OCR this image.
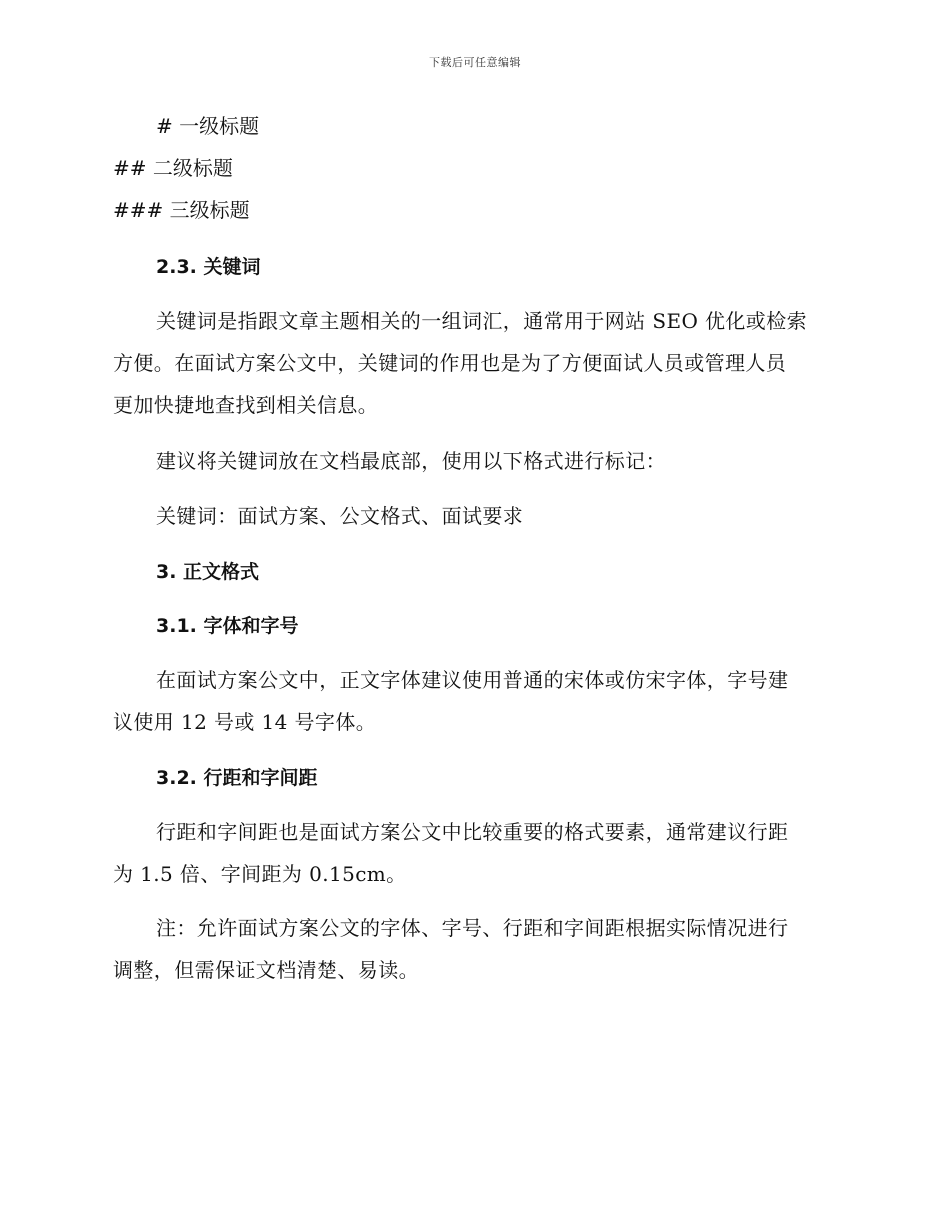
下载后可任意编辑
# 一级标题
## 二级标题
### 三级标题
2.3. 关键词
关键词是指跟文章主题相关的一组词汇，通常用于网站 SEO 优化或检索
方便。在面试方案公文中，关键词的作用也是为了方便面试人员或管理人员
更加快捷地查找到相关信息。
建议将关键词放在文档最底部，使用以下格式进行标记：
关键词：面试方案、公文格式、面试要求
3. 正文格式
3.1. 字体和字号
在面试方案公文中，正文字体建议使用普通的宋体或仿宋字体，字号建
议使用 12 号或 14 号字体。
3.2. 行距和字间距
行距和字间距也是面试方案公文中比较重要的格式要素，通常建议行距
为 1.5 倍、字间距为 0.15cm。
注：允许面试方案公文的字体、字号、行距和字间距根据实际情况进行
调整，但需保证文档清楚、易读。
